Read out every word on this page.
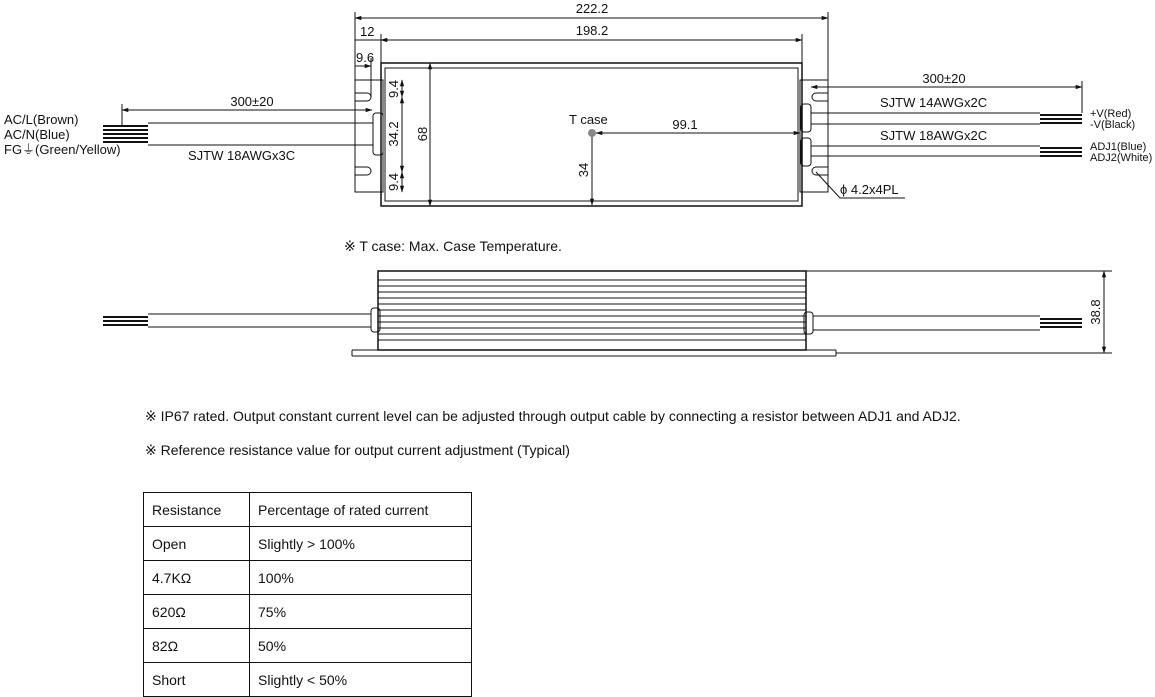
222.2
198.2
12
9.6
300±20
300±20
T case	99.1
9.4
34.2
9.4
68
34
38.8
AC/L(Brown)
AC/N(Blue)
FG⏚(Green/Yellow)	SJTW 18AWGx3C
SJTW 14AWGx2C
SJTW 18AWGx2C
ϕ 4.2x4PL
+V(Red)
-V(Black)
ADJ1(Blue)
ADJ2(White)
※ T case: Max. Case Temperature.
※ IP67 rated. Output constant current level can be adjusted through output cable by connecting a resistor between ADJ1 and ADJ2.
※ Reference resistance value for output current adjustment (Typical)
Resistance	Percentage of rated current
Open	Slightly > 100%
4.7KΩ	100%
620Ω	75%
82Ω	50%
Short	Slightly < 50%
